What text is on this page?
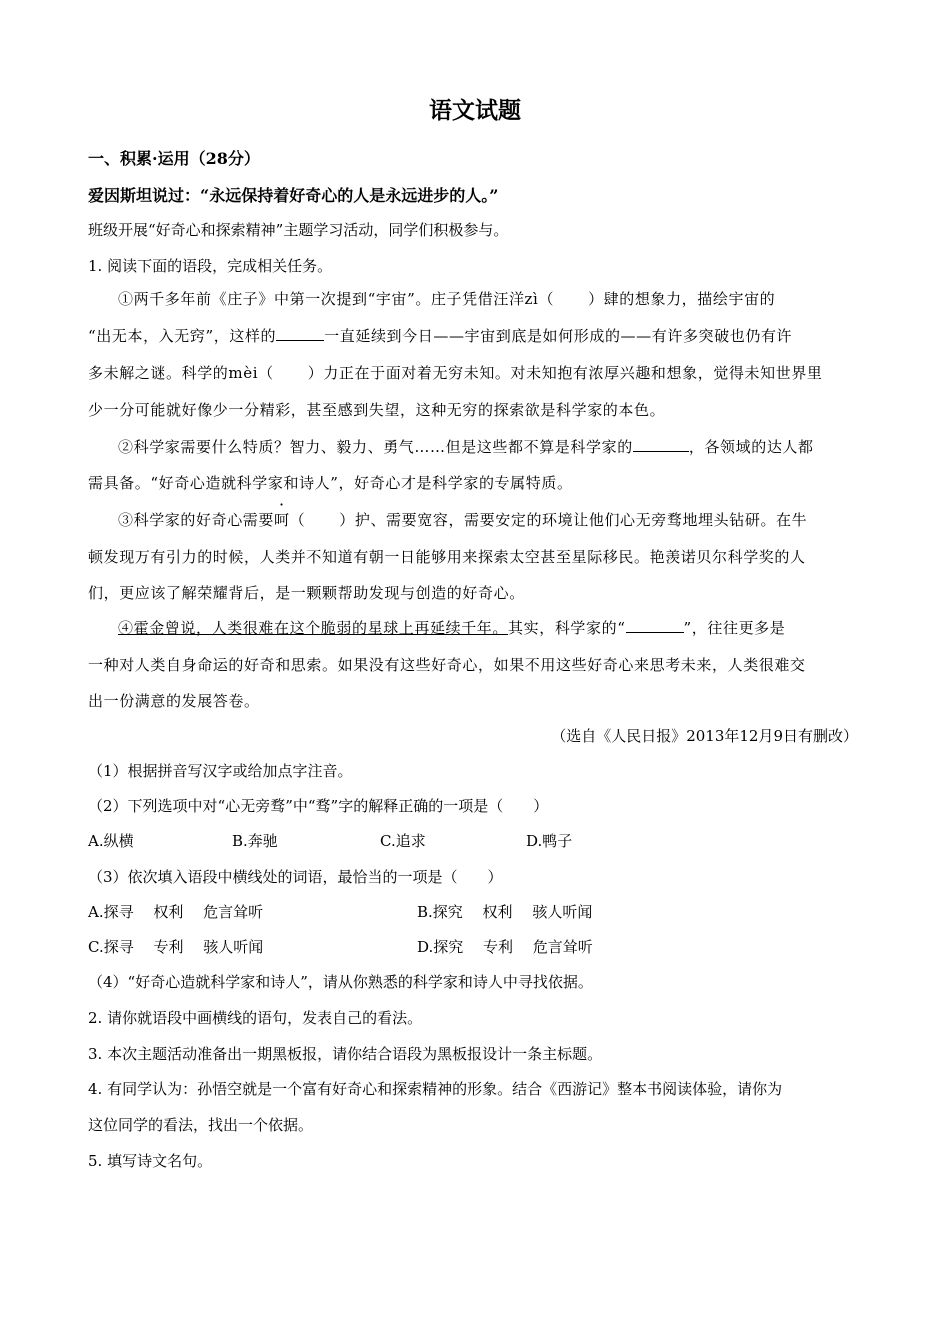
语文试题
一、积累·运用（28分）
爱因斯坦说过：“永远保持着好奇心的人是永远进步的人。”
班级开展“好奇心和探索精神”主题学习活动，同学们积极参与。
1. 阅读下面的语段，完成相关任务。
①两千多年前《庄子》中第一次提到“宇宙”。庄子凭借汪洋zì（ ）肆的想象力，描绘宇宙的
“出无本，入无窍”，这样的	一直延续到今日——宇宙到底是如何形成的——有许多突破也仍有许
多未解之谜。科学的mèi（ ）力正在于面对着无穷未知。对未知抱有浓厚兴趣和想象，觉得未知世界里
少一分可能就好像少一分精彩，甚至感到失望，这种无穷的探索欲是科学家的本色。
②科学家需要什么特质？智力、毅力、勇气……但是这些都不算是科学家的	，各领域的达人都
需具备。“好奇心造就科学家和诗人”，好奇心才是科学家的专属特质。
③科学家的好奇心需要呵（ ）护、需要宽容，需要安定的环境让他们心无旁骛地埋头钻研。在牛
顿发现万有引力的时候，人类并不知道有朝一日能够用来探索太空甚至星际移民。艳羡诺贝尔科学奖的人
们，更应该了解荣耀背后，是一颗颗帮助发现与创造的好奇心。
④霍金曾说，人类很难在这个脆弱的星球上再延续千年。其实，科学家的“	”，往往更多是
一种对人类自身命运的好奇和思索。如果没有这些好奇心，如果不用这些好奇心来思考未来，人类很难交
出一份满意的发展答卷。
（选自《人民日报》2013年12月9日有删改）
（1）根据拼音写汉字或给加点字注音。
（2）下列选项中对“心无旁骛”中“骛”字的解释正确的一项是（　　）
A.纵横	B.奔驰	C.追求	D.鸭子
（3）依次填入语段中横线处的词语，最恰当的一项是（　　）
A.探寻　 权利　 危言耸听	B.探究　 权利　 骇人听闻
C.探寻　 专利　 骇人听闻	D.探究　 专利　 危言耸听
（4）“好奇心造就科学家和诗人”，请从你熟悉的科学家和诗人中寻找依据。
2. 请你就语段中画横线的语句，发表自己的看法。
3. 本次主题活动准备出一期黑板报，请你结合语段为黑板报设计一条主标题。
4. 有同学认为：孙悟空就是一个富有好奇心和探索精神的形象。结合《西游记》整本书阅读体验，请你为
这位同学的看法，找出一个依据。
5. 填写诗文名句。
